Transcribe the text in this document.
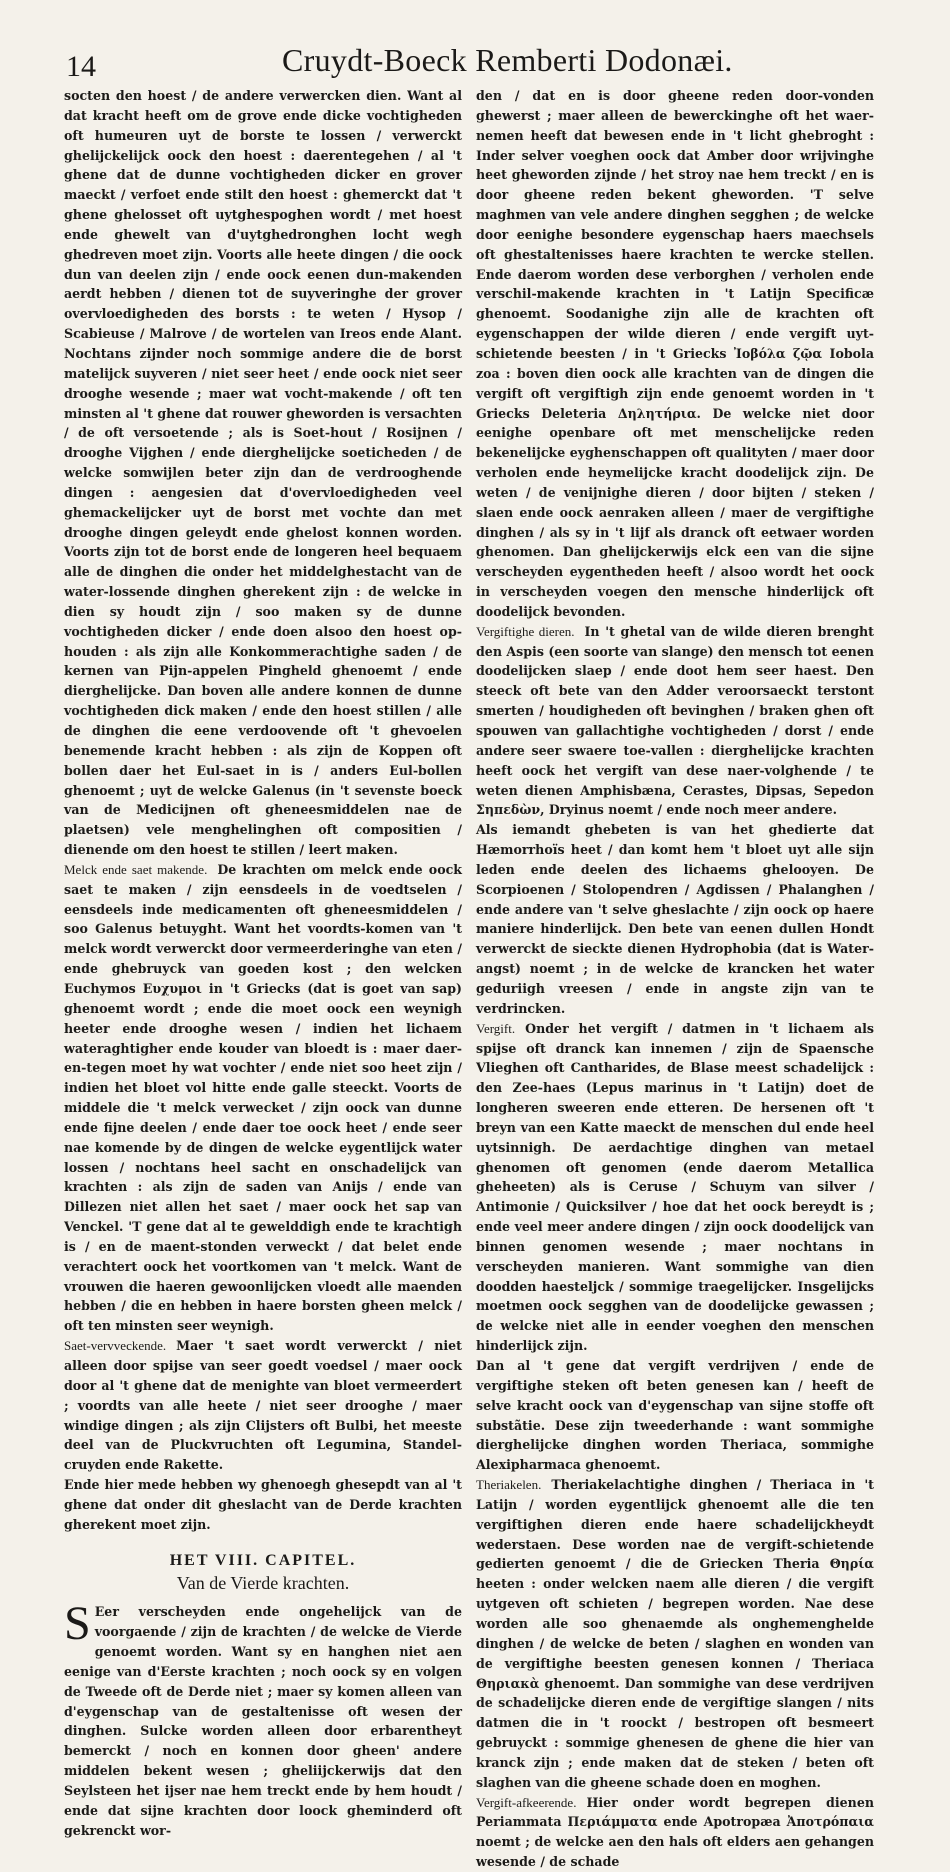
14	Cruydt-Boeck Remberti Dodonæi.

socten den hoest / de andere verwercken dien. Want al dat kracht heeft om de grove ende dicke vochtigheden oft humeuren uyt de borste te lossen / verwerckt ghelijckelijck oock den hoest : daerentegehen / al 't ghene dat de dunne vochtigheden dicker en grover maeckt / verfoet ende stilt den hoest : ghemerckt dat 't ghene ghelosset oft uytghespoghen wordt / met hoest ende ghewelt van d'uytghedronghen locht wegh ghedreven moet zijn. Voorts alle heete dingen / die oock dun van deelen zijn / ende oock eenen dun-makenden aerdt hebben / dienen tot de suyveringhe der grover overvloedigheden des borsts : te weten / Hysop / Scabieuse / Malrove / de wortelen van Ireos ende Alant. Nochtans zijnder noch sommige andere die de borst matelijck suyveren / niet seer heet / ende oock niet seer drooghe wesende ; maer wat vocht-makende / oft ten minsten al 't ghene dat rouwer gheworden is versachten / de oft versoetende ; als is Soet-hout / Rosijnen / drooghe Vijghen / ende dierghelijcke soeticheden / de welcke somwijlen beter zijn dan de verdrooghende dingen : aengesien dat d'overvloedigheden veel ghemackelijcker uyt de borst met vochte dan met drooghe dingen geleydt ende ghelost konnen worden. Voorts zijn tot de borst ende de longeren heel bequaem alle de dinghen die onder het middelghestacht van de water-lossende dinghen gherekent zijn : de welcke in dien sy houdt zijn / soo maken sy de dunne vochtigheden dicker / ende doen alsoo den hoest op-houden : als zijn alle Konkommerachtighe saden / de kernen van Pijn-appelen Pingheld ghenoemt / ende dierghelijcke. Dan boven alle andere konnen de dunne vochtigheden dick maken / ende den hoest stillen / alle de dinghen die eene verdoovende oft 't ghevoelen benemende kracht hebben : als zijn de Koppen oft bollen daer het Eul-saet in is / anders Eul-bollen ghenoemt ; uyt de welcke Galenus (in 't sevenste boeck van de Medicijnen oft gheneesmiddelen nae de plaetsen) vele menghelinghen oft compositien / dienende om den hoest te stillen / leert maken.

Melck ende saet makende. De krachten om melck ende oock saet te maken / zijn eensdeels in de voedtselen / eensdeels inde medicamenten oft gheneesmiddelen / soo Galenus betuyght. Want het voordts-komen van 't melck wordt verwerckt door vermeerderinghe van eten / ende ghebruyck van goeden kost ; den welcken Euchymos Ευχυμοι in 't Griecks (dat is goet van sap) ghenoemt wordt ; ende die moet oock een weynigh heeter ende drooghe wesen / indien het lichaem wateraghtigher ende kouder van bloedt is : maer daer-en-tegen moet hy wat vochter / ende niet soo heet zijn / indien het bloet vol hitte ende galle steeckt. Voorts de middele die 't melck verwecket / zijn oock van dunne ende fijne deelen / ende daer toe oock heet / ende seer nae komende by de dingen de welcke eygentlijck water lossen / nochtans heel sacht en onschadelijck van krachten : als zijn de saden van Anijs / ende van Dillezen niet allen het saet / maer oock het sap van Venckel. 'T gene dat al te gewelddigh ende te krachtigh is / en de maent-stonden verweckt / dat belet ende verachtert oock het voortkomen van 't melck. Want de vrouwen die haeren gewoonlijcken vloedt alle maenden hebben / die en hebben in haere borsten gheen melck / oft ten minsten seer weynigh.

Saet-vervveckende. Maer 't saet wordt verwerckt / niet alleen door spijse van seer goedt voedsel / maer oock door al 't ghene dat de menighte van bloet vermeerdert ; voordts van alle heete / niet seer drooghe / maer windige dingen ; als zijn Clijsters oft Bulbi, het meeste deel van de Pluckvruchten oft Legumina, Standel-cruyden ende Rakette.

Ende hier mede hebben wy ghenoegh ghesepdt van al 't ghene dat onder dit gheslacht van de Derde krachten gherekent moet zijn.

HET VIII. CAPITEL.
Van de Vierde krachten.

S Eer verscheyden ende ongehelijck van de voorgaende / zijn de krachten / de welcke de Vierde genoemt worden. Want sy en hanghen niet aen eenige van d'Eerste krachten ; noch oock sy en volgen de Tweede oft de Derde niet ; maer sy komen alleen van d'eygenschap van de gestaltenisse oft wesen der dinghen. Sulcke worden alleen door erbarentheyt bemerckt / noch en konnen door gheen' andere middelen bekent wesen ; gheliijckerwijs dat den Seylsteen het ijser nae hem treckt ende by hem houdt / ende dat sijne krachten door loock gheminderd oft gekrenckt wor-

den / dat en is door gheene reden door-vonden ghewerst ; maer alleen de bewerckinghe oft het waer-nemen heeft dat bewesen ende in 't licht ghebroght : Inder selver voeghen oock dat Amber door wrijvinghe heet gheworden zijnde / het stroy nae hem treckt / en is door gheene reden bekent gheworden. 'T selve maghmen van vele andere dinghen segghen ; de welcke door eenighe besondere eygenschap haers maechsels oft ghestaltenisses haere krachten te wercke stellen. Ende daerom worden dese verborghen / verholen ende verschil-makende krachten in 't Latijn Specificæ ghenoemt. Soodanighe zijn alle de krachten oft eygenschappen der wilde dieren / ende vergift uyt-schietende beesten / in 't Griecks Ἰοβόλα ζῷα Iobola zoa : boven dien oock alle krachten van de dingen die vergift oft vergiftigh zijn ende genoemt worden in 't Griecks Deleteria Δηλητήρια. De welcke niet door eenighe openbare oft met menschelijcke reden bekenelijcke eyghenschappen oft qualityten / maer door verholen ende heymelijcke kracht doodelijck zijn. De weten / de venijnighe dieren / door bijten / steken / slaen ende oock aenraken alleen / maer de vergiftighe dinghen / als sy in 't lijf als dranck oft eetwaer worden ghenomen. Dan ghelijckerwijs elck een van die sijne verscheyden eygentheden heeft / alsoo wordt het oock in verscheyden voegen den mensche hinderlijck oft doodelijck bevonden.

Vergiftighe dieren. In 't ghetal van de wilde dieren brenght den Aspis (een soorte van slange) den mensch tot eenen doodelijcken slaep / ende doot hem seer haest. Den steeck oft bete van den Adder veroorsaeckt terstont smerten / houdigheden oft bevinghen / braken ghen oft spouwen van gallachtighe vochtigheden / dorst / ende andere seer swaere toe-vallen : dierghelijcke krachten heeft oock het vergift van dese naer-volghende / te weten dienen Amphisbæna, Cerastes, Dipsas, Sepedon Σηπεδὼν, Dryinus noemt / ende noch meer andere.

Als iemandt ghebeten is van het ghedierte dat Hæmorrhoïs heet / dan komt hem 't bloet uyt alle sijn leden ende deelen des lichaems ghelooyen. De Scorpioenen / Stolopendren / Agdissen / Phalanghen / ende andere van 't selve gheslachte / zijn oock op haere maniere hinderlijck. Den bete van eenen dullen Hondt verwerckt de sieckte dienen Hydrophobia (dat is Water-angst) noemt ; in de welcke de krancken het water geduriigh vreesen / ende in angste zijn van te verdrincken.

Vergift. Onder het vergift / datmen in 't lichaem als spijse oft dranck kan innemen / zijn de Spaensche Vlieghen oft Cantharides, de Blase meest schadelijck : den Zee-haes (Lepus marinus in 't Latijn) doet de longheren sweeren ende etteren. De hersenen oft 't breyn van een Katte maeckt de menschen dul ende heel uytsinnigh. De aerdachtige dinghen van metael ghenomen oft genomen (ende daerom Metallica gheheeten) als is Ceruse / Schuym van silver / Antimonie / Quicksilver / hoe dat het oock bereydt is ; ende veel meer andere dingen / zijn oock doodelijck van binnen genomen wesende ; maer nochtans in verscheyden manieren. Want sommighe van dien doodden haesteljck / sommige traegelijcker. Insgelijcks moetmen oock segghen van de doodelijcke gewassen ; de welcke niet alle in eender voeghen den menschen hinderlijck zijn.

Dan al 't gene dat vergift verdrijven / ende de vergiftighe steken oft beten genesen kan / heeft de selve kracht oock van d'eygenschap van sijne stoffe oft substãtie. Dese zijn tweederhande : want sommighe dierghelijcke dinghen worden Theriaca, sommighe Alexipharmaca ghenoemt.

Theriakelen. Theriakelachtighe dinghen / Theriaca in 't Latijn / worden eygentlijck ghenoemt alle die ten vergiftighen dieren ende haere schadelijckheydt wederstaen. Dese worden nae de vergift-schietende gedierten genoemt / die de Griecken Theria Θηρία heeten : onder welcken naem alle dieren / die vergift uytgeven oft schieten / begrepen worden. Nae dese worden alle soo ghenaemde als onghemenghelde dinghen / de welcke de beten / slaghen en wonden van de vergiftighe beesten genesen konnen / Theriaca Θηριακὰ ghenoemt. Dan sommighe van dese verdrijven de schadelijcke dieren ende de vergiftige slangen / nits datmen die in 't roockt / bestropen oft besmeert gebruyckt : sommige ghenesen de ghene die hier van kranck zijn ; ende maken dat de steken / beten oft slaghen van die gheene schade doen en moghen.

Vergift-afkeerende. Hier onder wordt begrepen dienen Periammata Περιάμματα ende Apotropæa Ἀποτρόπαια noemt ; de welcke aen den hals oft elders aen gehangen wesende / de schade
